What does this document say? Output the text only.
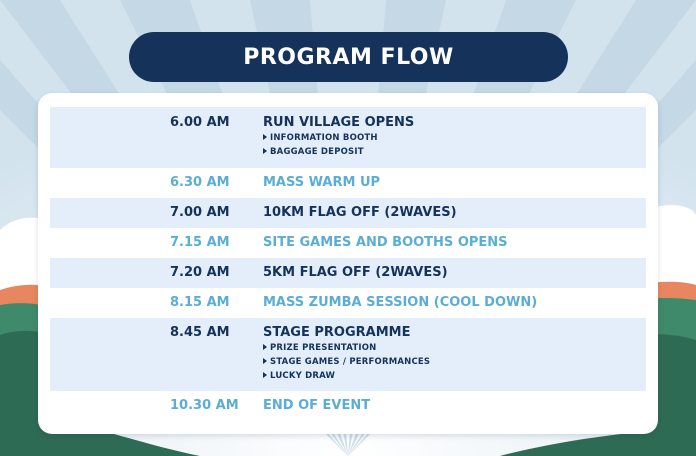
PROGRAM FLOW
6.00 AM	RUN VILLAGE OPENS
INFORMATION BOOTH
BAGGAGE DEPOSIT
6.30 AM	MASS WARM UP
7.00 AM	10KM FLAG OFF (2WAVES)
7.15 AM	SITE GAMES AND BOOTHS OPENS
7.20 AM	5KM FLAG OFF (2WAVES)
8.15 AM	MASS ZUMBA SESSION (COOL DOWN)
8.45 AM	STAGE PROGRAMME
PRIZE PRESENTATION
STAGE GAMES / PERFORMANCES
LUCKY DRAW
10.30 AM END OF EVENT
